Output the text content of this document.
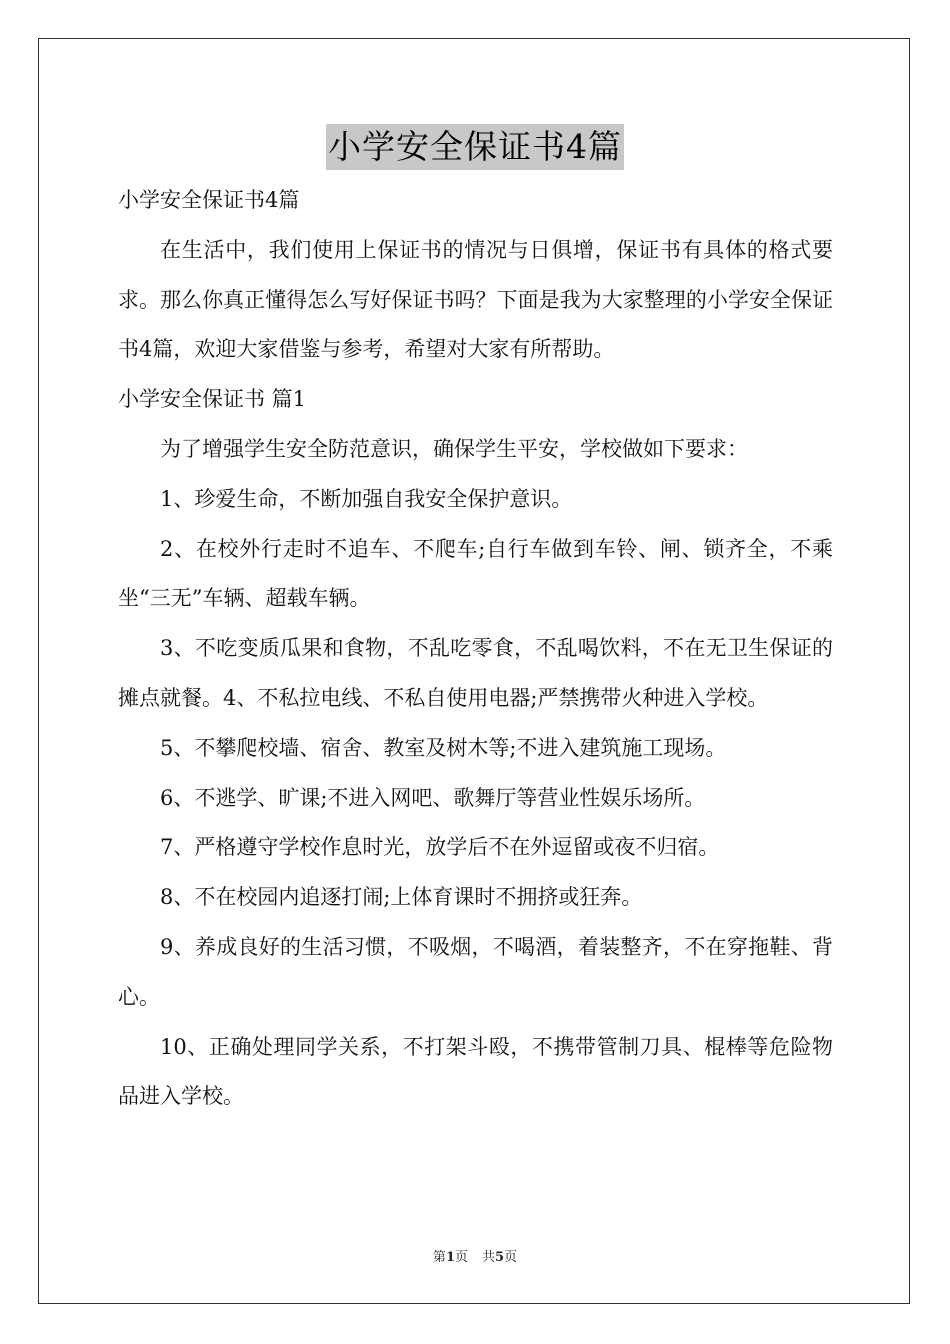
小学安全保证书4篇

小学安全保证书4篇

在生活中，我们使用上保证书的情况与日俱增，保证书有具体的格式要求。那么你真正懂得怎么写好保证书吗？下面是我为大家整理的小学安全保证书4篇，欢迎大家借鉴与参考，希望对大家有所帮助。

小学安全保证书 篇1

为了增强学生安全防范意识，确保学生平安，学校做如下要求：

1、珍爱生命，不断加强自我安全保护意识。

2、在校外行走时不追车、不爬车;自行车做到车铃、闸、锁齐全，不乘坐“三无”车辆、超载车辆。

3、不吃变质瓜果和食物，不乱吃零食，不乱喝饮料，不在无卫生保证的摊点就餐。4、不私拉电线、不私自使用电器;严禁携带火种进入学校。

5、不攀爬校墙、宿舍、教室及树木等;不进入建筑施工现场。

6、不逃学、旷课;不进入网吧、歌舞厅等营业性娱乐场所。

7、严格遵守学校作息时光，放学后不在外逗留或夜不归宿。

8、不在校园内追逐打闹;上体育课时不拥挤或狂奔。

9、养成良好的生活习惯，不吸烟，不喝酒，着装整齐，不在穿拖鞋、背心。

10、正确处理同学关系，不打架斗殴，不携带管制刀具、棍棒等危险物品进入学校。

第1页 共5页
